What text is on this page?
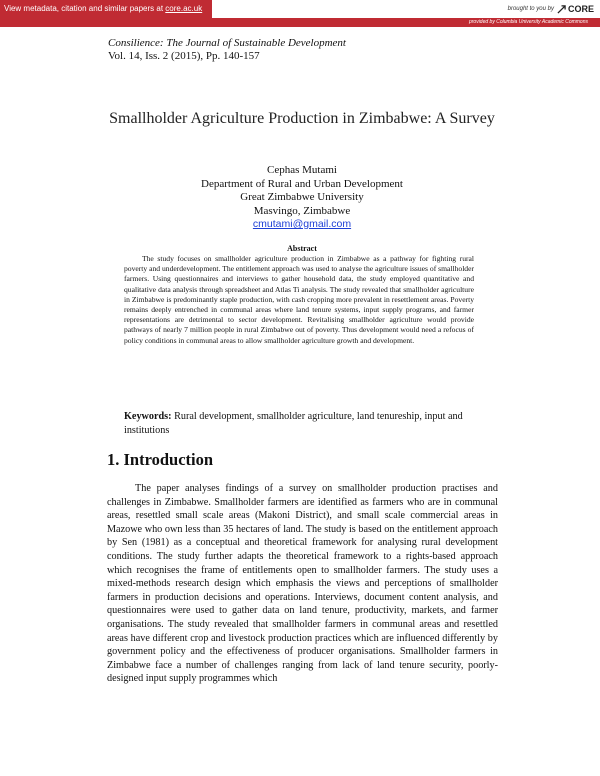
View metadata, citation and similar papers at core.ac.uk	brought to you by CORE
provided by Columbia University Academic Commons
Consilience: The Journal of Sustainable Development
Vol. 14, Iss. 2 (2015), Pp. 140-157
Smallholder Agriculture Production in Zimbabwe: A Survey
Cephas Mutami
Department of Rural and Urban Development
Great Zimbabwe University
Masvingo, Zimbabwe
cmutami@gmail.com
Abstract

The study focuses on smallholder agriculture production in Zimbabwe as a pathway for fighting rural poverty and underdevelopment. The entitlement approach was used to analyse the agriculture issues of smallholder farmers. Using questionnaires and interviews to gather household data, the study employed quantitative and qualitative data analysis through spreadsheet and Atlas Ti analysis. The study revealed that smallholder agriculture in Zimbabwe is predominantly staple production, with cash cropping more prevalent in resettlement areas. Poverty remains deeply entrenched in communal areas where land tenure systems, input supply programs, and farmer representations are detrimental to sector development. Revitalising smallholder agriculture would provide pathways of nearly 7 million people in rural Zimbabwe out of poverty. Thus development would need a refocus of policy conditions in communal areas to allow smallholder agriculture growth and development.

Keywords: Rural development, smallholder agriculture, land tenureship, input and institutions

1. Introduction

The paper analyses findings of a survey on smallholder production practises and challenges in Zimbabwe. Smallholder farmers are identified as farmers who are in communal areas, resettled small scale areas (Makoni District), and small scale commercial areas in Mazowe who own less than 35 hectares of land. The study is based on the entitlement approach by Sen (1981) as a conceptual and theoretical framework for analysing rural development conditions. The study further adapts the theoretical framework to a rights-based approach which recognises the frame of entitlements open to smallholder farmers. The study uses a mixed-methods research design which emphasis the views and perceptions of smallholder farmers in production decisions and operations. Interviews, document content analysis, and questionnaires were used to gather data on land tenure, productivity, markets, and farmer organisations. The study revealed that smallholder farmers in communal areas and resettled areas have different crop and livestock production practices which are influenced differently by government policy and the effectiveness of producer organisations. Smallholder farmers in Zimbabwe face a number of challenges ranging from lack of land tenure security, poorly-designed input supply programmes which
